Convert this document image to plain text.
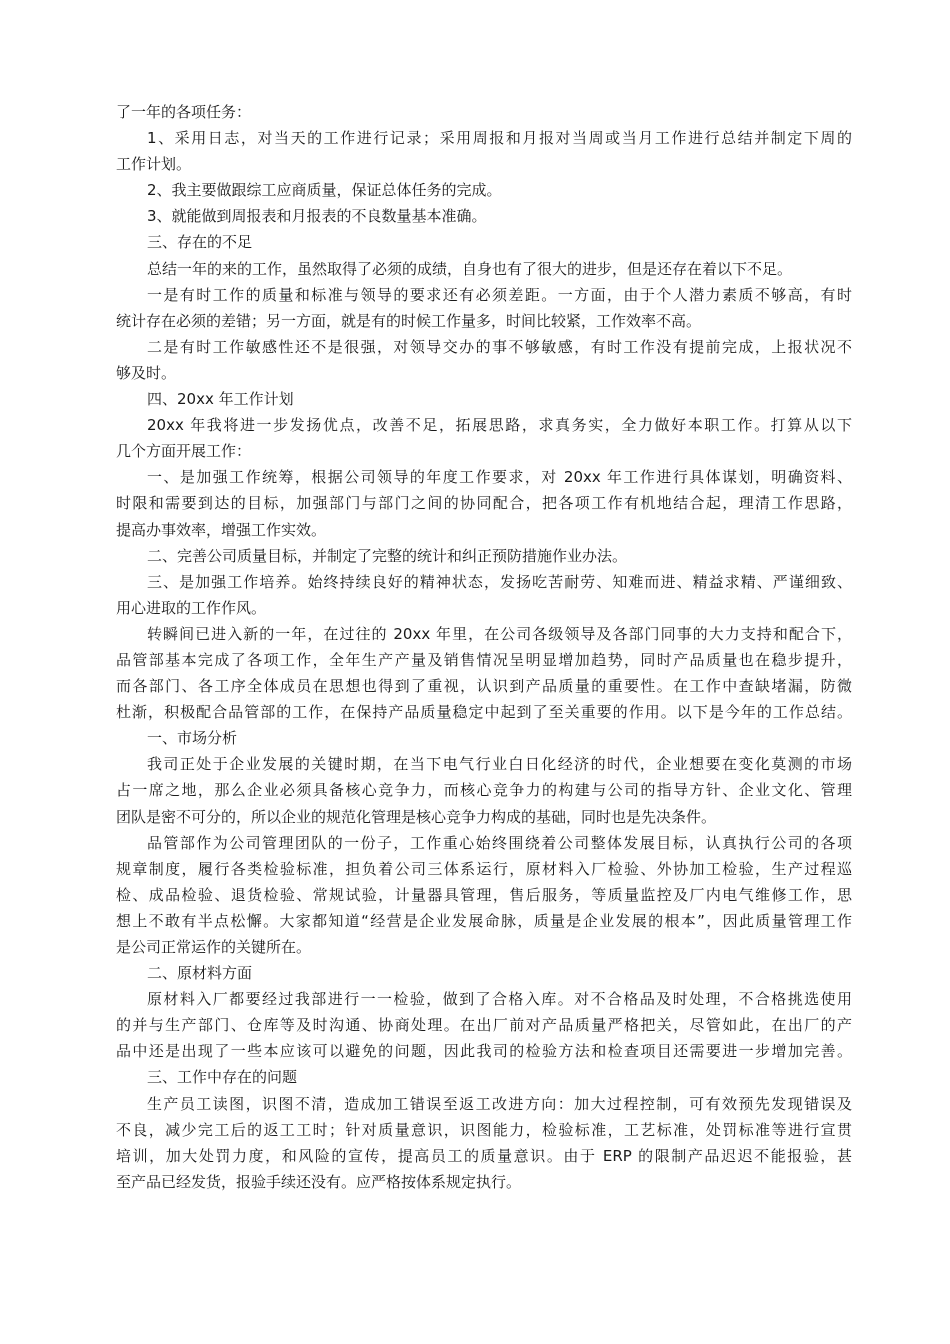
了一年的各项任务：
1、采用日志，对当天的工作进行记录；采用周报和月报对当周或当月工作进行总结并制定下周的
工作计划。
2、我主要做跟综工应商质量，保证总体任务的完成。
3、就能做到周报表和月报表的不良数量基本准确。
三、存在的不足
总结一年的来的工作，虽然取得了必须的成绩，自身也有了很大的进步，但是还存在着以下不足。
一是有时工作的质量和标准与领导的要求还有必须差距。一方面，由于个人潜力素质不够高，有时
统计存在必须的差错；另一方面，就是有的时候工作量多，时间比较紧，工作效率不高。
二是有时工作敏感性还不是很强，对领导交办的事不够敏感，有时工作没有提前完成，上报状况不
够及时。
四、20xx 年工作计划
20xx 年我将进一步发扬优点，改善不足，拓展思路，求真务实，全力做好本职工作。打算从以下
几个方面开展工作：
一、是加强工作统筹，根据公司领导的年度工作要求，对 20xx 年工作进行具体谋划，明确资料、
时限和需要到达的目标，加强部门与部门之间的协同配合，把各项工作有机地结合起，理清工作思路，
提高办事效率，增强工作实效。
二、完善公司质量目标，并制定了完整的统计和纠正预防措施作业办法。
三、是加强工作培养。始终持续良好的精神状态，发扬吃苦耐劳、知难而进、精益求精、严谨细致、
用心进取的工作作风。
转瞬间已进入新的一年，在过往的 20xx 年里，在公司各级领导及各部门同事的大力支持和配合下，
品管部基本完成了各项工作，全年生产产量及销售情况呈明显增加趋势，同时产品质量也在稳步提升，
而各部门、各工序全体成员在思想也得到了重视，认识到产品质量的重要性。在工作中查缺堵漏，防微
杜渐，积极配合品管部的工作，在保持产品质量稳定中起到了至关重要的作用。以下是今年的工作总结。
一、市场分析
我司正处于企业发展的关键时期，在当下电气行业白日化经济的时代，企业想要在变化莫测的市场
占一席之地，那么企业必须具备核心竞争力，而核心竞争力的构建与公司的指导方针、企业文化、管理
团队是密不可分的，所以企业的规范化管理是核心竞争力构成的基础，同时也是先决条件。
品管部作为公司管理团队的一份子，工作重心始终围绕着公司整体发展目标，认真执行公司的各项
规章制度，履行各类检验标准，担负着公司三体系运行，原材料入厂检验、外协加工检验，生产过程巡
检、成品检验、退货检验、常规试验，计量器具管理，售后服务，等质量监控及厂内电气维修工作，思
想上不敢有半点松懈。大家都知道“经营是企业发展命脉，质量是企业发展的根本”，因此质量管理工作
是公司正常运作的关键所在。
二、原材料方面
原材料入厂都要经过我部进行一一检验，做到了合格入库。对不合格品及时处理，不合格挑选使用
的并与生产部门、仓库等及时沟通、协商处理。在出厂前对产品质量严格把关，尽管如此，在出厂的产
品中还是出现了一些本应该可以避免的问题，因此我司的检验方法和检查项目还需要进一步增加完善。
三、工作中存在的问题
生产员工读图，识图不清，造成加工错误至返工改进方向：加大过程控制，可有效预先发现错误及
不良，减少完工后的返工工时；针对质量意识，识图能力，检验标准，工艺标准，处罚标准等进行宣贯
培训，加大处罚力度，和风险的宣传，提高员工的质量意识。由于 ERP 的限制产品迟迟不能报验，甚
至产品已经发货，报验手续还没有。应严格按体系规定执行。
